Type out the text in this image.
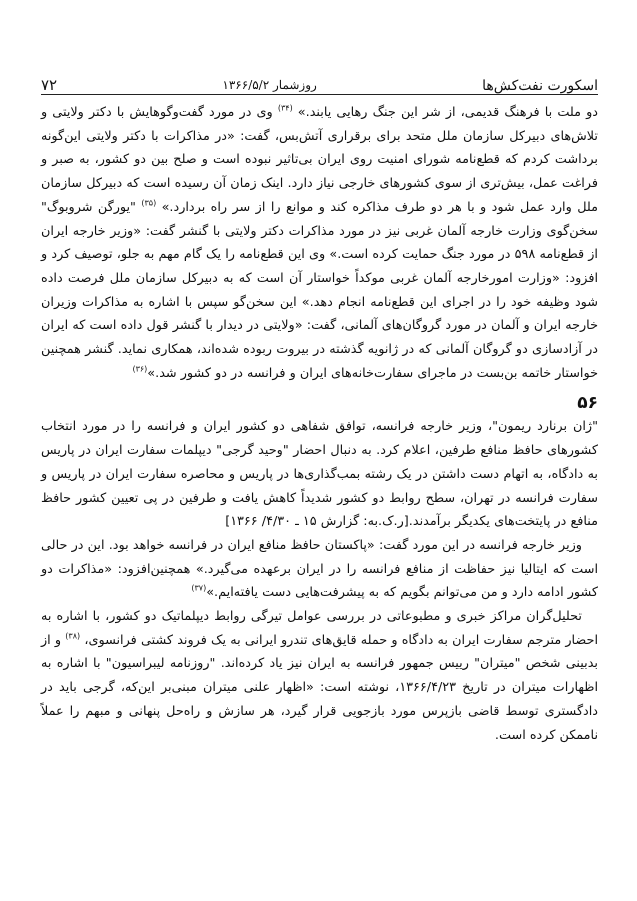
۷۲	روزشمار ۱۳۶۶/۵/۲	اسکورت نفت‌کش‌ها

دو ملت با فرهنگ قدیمی، از شر این جنگ رهایی یابند.» $^{(۳۴)}$ وی در مورد گفت‌وگوهایش با دکتر ولایتی و تلاش‌های دبیرکل سازمان ملل متحد برای برقراری آتش‌بس، گفت: «در مذاکرات با دکتر ولایتی این‌گونه برداشت کردم که قطع‌نامه شورای امنیت روی ایران بی‌تاثیر نبوده است و صلح بین دو کشور، به صبر و فراغت عمل، بیش‌تری از سوی کشورهای خارجی نیاز دارد. اینک زمان آن رسیده است که دبیرکل سازمان ملل وارد عمل شود و با هر دو طرف مذاکره کند و موانع را از سر راه بردارد.» $^{(۳۵)}$ "یورگن شروبوگ" سخن‌گوی وزارت خارجه آلمان غربی نیز در مورد مذاکرات دکتر ولایتی با گنشر گفت: «وزیر خارجه ایران از قطع‌نامه ۵۹۸ در مورد جنگ حمایت کرده است.» وی این قطع‌نامه را یک گام مهم به جلو، توصیف کرد و افزود: «وزارت امورخارجه آلمان غربی موکداً خواستار آن است که به دبیرکل سازمان ملل فرصت داده شود وظیفه خود را در اجرای این قطع‌نامه انجام دهد.» این سخن‌گو سپس با اشاره به مذاکرات وزیران خارجه ایران و آلمان در مورد گروگان‌های آلمانی، گفت: «ولایتی در دیدار با گنشر قول داده است که ایران در آزادسازی دو گروگان آلمانی که در ژانویه گذشته در بیروت ربوده شده‌اند، همکاری نماید. گنشر همچنین خواستار خاتمه بن‌بست در ماجرای سفارت‌خانه‌های ایران و فرانسه در دو کشور شد.»$^{(۳۶)}$

۵۶

"ژان برنارد ریمون"، وزیر خارجه فرانسه، توافق شفاهی دو کشور ایران و فرانسه را در مورد انتخاب کشورهای حافظ منافع طرفین، اعلام کرد. به دنبال احضار "وحید گرجی" دیپلمات سفارت ایران در پاریس به دادگاه، به اتهام دست داشتن در یک رشته بمب‌گذاری‌ها در پاریس و محاصره سفارت ایران در پاریس و سفارت فرانسه در تهران، سطح روابط دو کشور شدیداً کاهش یافت و طرفین در پی تعیین کشور حافظ منافع در پایتخت‌های یکدیگر برآمدند.[ر.ک.به: گزارش ۱۵ ـ ۴/۳۰/ ۱۳۶۶]

وزیر خارجه فرانسه در این مورد گفت: «پاکستان حافظ منافع ایران در فرانسه خواهد بود. این در حالی است که ایتالیا نیز حفاظت از منافع فرانسه را در ایران برعهده می‌گیرد.» همچنین‌افزود: «مذاکرات دو کشور ادامه دارد و من می‌توانم بگویم که به پیشرفت‌هایی دست یافته‌ایم.»$^{(۳۷)}$

تحلیل‌گران مراکز خبری و مطبوعاتی در بررسی عوامل تیرگی روابط دیپلماتیک دو کشور، با اشاره به احضار مترجم سفارت ایران به دادگاه و حمله قایق‌های تندرو ایرانی به یک فروند کشتی فرانسوی، $^{(۳۸)}$ و از بدبینی شخص "میتران" رییس جمهور فرانسه به ایران نیز یاد کرده‌اند. "روزنامه لیبراسیون" با اشاره به اظهارات میتران در تاریخ ۱۳۶۶/۴/۲۳، نوشته است: «اظهار علنی میتران مبنی‌بر این‌که، گرجی باید در دادگستری توسط قاضی بازپرس مورد بازجویی قرار گیرد، هر سازش و راه‌حل پنهانی و مبهم را عملاً ناممکن کرده است.
